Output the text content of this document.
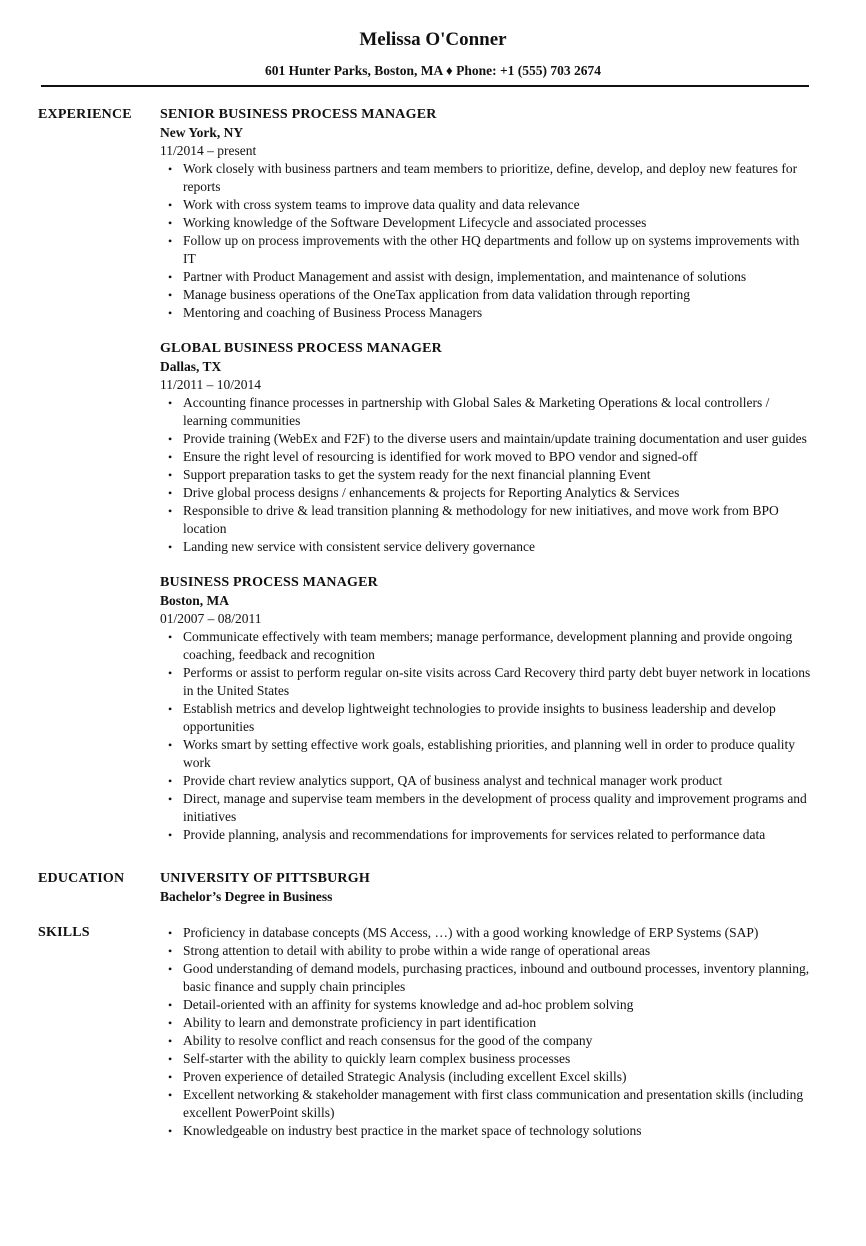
Melissa O'Conner
601 Hunter Parks, Boston, MA ♦ Phone: +1 (555) 703 2674
EXPERIENCE SENIOR BUSINESS PROCESS MANAGER
New York, NY
11/2014 – present
• Work closely with business partners and team members to prioritize, define, develop, and deploy new features for reports
• Work with cross system teams to improve data quality and data relevance
• Working knowledge of the Software Development Lifecycle and associated processes
• Follow up on process improvements with the other HQ departments and follow up on systems improvements with IT
• Partner with Product Management and assist with design, implementation, and maintenance of solutions
• Manage business operations of the OneTax application from data validation through reporting
• Mentoring and coaching of Business Process Managers
GLOBAL BUSINESS PROCESS MANAGER
Dallas, TX
11/2011 – 10/2014
• Accounting finance processes in partnership with Global Sales & Marketing Operations & local controllers / learning communities
• Provide training (WebEx and F2F) to the diverse users and maintain/update training documentation and user guides
• Ensure the right level of resourcing is identified for work moved to BPO vendor and signed-off
• Support preparation tasks to get the system ready for the next financial planning Event
• Drive global process designs / enhancements & projects for Reporting Analytics & Services
• Responsible to drive & lead transition planning & methodology for new initiatives, and move work from BPO location
• Landing new service with consistent service delivery governance
BUSINESS PROCESS MANAGER
Boston, MA
01/2007 – 08/2011
• Communicate effectively with team members; manage performance, development planning and provide ongoing coaching, feedback and recognition
• Performs or assist to perform regular on-site visits across Card Recovery third party debt buyer network in locations in the United States
• Establish metrics and develop lightweight technologies to provide insights to business leadership and develop opportunities
• Works smart by setting effective work goals, establishing priorities, and planning well in order to produce quality work
• Provide chart review analytics support, QA of business analyst and technical manager work product
• Direct, manage and supervise team members in the development of process quality and improvement programs and initiatives
• Provide planning, analysis and recommendations for improvements for services related to performance data
EDUCATION	UNIVERSITY OF PITTSBURGH
Bachelor’s Degree in Business
SKILLS
•	Proficiency in database concepts (MS Access, …) with a good working knowledge of ERP Systems (SAP)
• Strong attention to detail with ability to probe within a wide range of operational areas
• Good understanding of demand models, purchasing practices, inbound and outbound processes, inventory planning, basic finance and supply chain principles
• Detail-oriented with an affinity for systems knowledge and ad-hoc problem solving
• Ability to learn and demonstrate proficiency in part identification
• Ability to resolve conflict and reach consensus for the good of the company
• Self-starter with the ability to quickly learn complex business processes
• Proven experience of detailed Strategic Analysis (including excellent Excel skills)
• Excellent networking & stakeholder management with first class communication and presentation skills (including excellent PowerPoint skills)
• Knowledgeable on industry best practice in the market space of technology solutions
